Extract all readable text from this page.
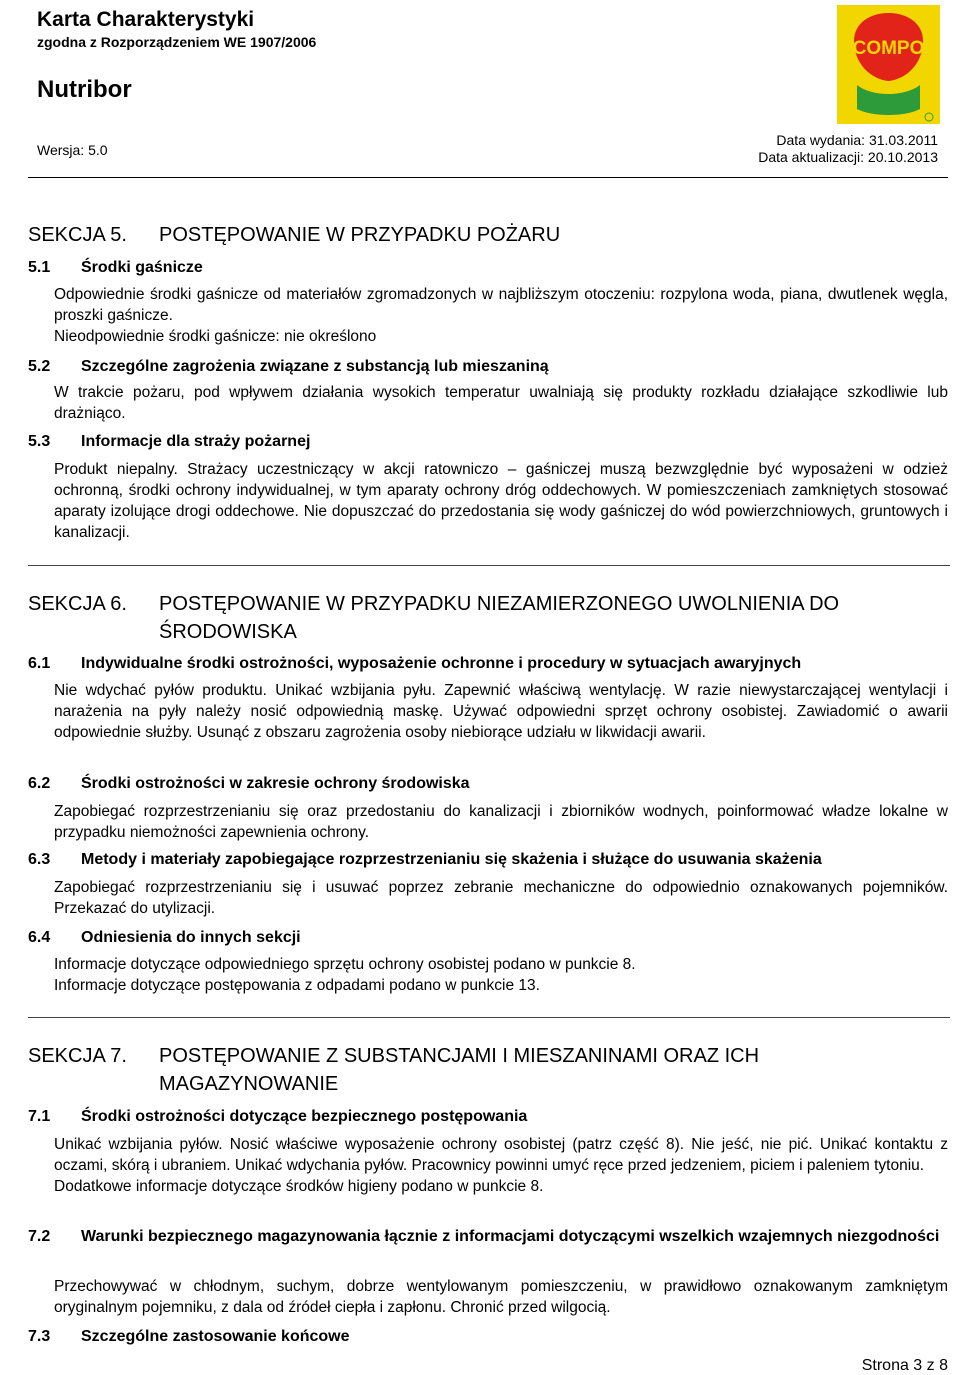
Karta Charakterystyki
zgodna z Rozporządzeniem WE 1907/2006
Nutribor
Wersja: 5.0
Data wydania: 31.03.2011
Data aktualizacji: 20.10.2013
COMPO
SEKCJA 5. POSTĘPOWANIE W PRZYPADKU POŻARU
5.1 Środki gaśnicze
Odpowiednie środki gaśnicze od materiałów zgromadzonych w najbliższym otoczeniu: rozpylona woda, piana, dwutlenek węgla, proszki gaśnicze.
Nieodpowiednie środki gaśnicze: nie określono
5.2 Szczególne zagrożenia związane z substancją lub mieszaniną
W trakcie pożaru, pod wpływem działania wysokich temperatur uwalniają się produkty rozkładu działające szkodliwie lub drażniąco.
5.3 Informacje dla straży pożarnej
Produkt niepalny. Strażacy uczestniczący w akcji ratowniczo – gaśniczej muszą bezwzględnie być wyposażeni w odzież ochronną, środki ochrony indywidualnej, w tym aparaty ochrony dróg oddechowych. W pomieszczeniach zamkniętych stosować aparaty izolujące drogi oddechowe. Nie dopuszczać do przedostania się wody gaśniczej do wód powierzchniowych, gruntowych i kanalizacji.
SEKCJA 6. POSTĘPOWANIE W PRZYPADKU NIEZAMIERZONEGO UWOLNIENIA DO ŚRODOWISKA
6.1 Indywidualne środki ostrożności, wyposażenie ochronne i procedury w sytuacjach awaryjnych
Nie wdychać pyłów produktu. Unikać wzbijania pyłu. Zapewnić właściwą wentylację. W razie niewystarczającej wentylacji i narażenia na pyły należy nosić odpowiednią maskę. Używać odpowiedni sprzęt ochrony osobistej. Zawiadomić o awarii odpowiednie służby. Usunąć z obszaru zagrożenia osoby niebiorące udziału w likwidacji awarii.
6.2 Środki ostrożności w zakresie ochrony środowiska
Zapobiegać rozprzestrzenianiu się oraz przedostaniu do kanalizacji i zbiorników wodnych, poinformować władze lokalne w przypadku niemożności zapewnienia ochrony.
6.3 Metody i materiały zapobiegające rozprzestrzenianiu się skażenia i służące do usuwania skażenia
Zapobiegać rozprzestrzenianiu się i usuwać poprzez zebranie mechaniczne do odpowiednio oznakowanych pojemników. Przekazać do utylizacji.
6.4 Odniesienia do innych sekcji
Informacje dotyczące odpowiedniego sprzętu ochrony osobistej podano w punkcie 8.
Informacje dotyczące postępowania z odpadami podano w punkcie 13.
SEKCJA 7. POSTĘPOWANIE Z SUBSTANCJAMI I MIESZANINAMI ORAZ ICH MAGAZYNOWANIE
7.1 Środki ostrożności dotyczące bezpiecznego postępowania
Unikać wzbijania pyłów. Nosić właściwe wyposażenie ochrony osobistej (patrz część 8). Nie jeść, nie pić. Unikać kontaktu z oczami, skórą i ubraniem. Unikać wdychania pyłów. Pracownicy powinni umyć ręce przed jedzeniem, piciem i paleniem tytoniu.
Dodatkowe informacje dotyczące środków higieny podano w punkcie 8.
7.2 Warunki bezpiecznego magazynowania łącznie z informacjami dotyczącymi wszelkich wzajemnych niezgodności
Przechowywać w chłodnym, suchym, dobrze wentylowanym pomieszczeniu, w prawidłowo oznakowanym zamkniętym oryginalnym pojemniku, z dala od źródeł ciepła i zapłonu. Chronić przed wilgocią.
7.3 Szczególne zastosowanie końcowe
Strona 3 z 8
